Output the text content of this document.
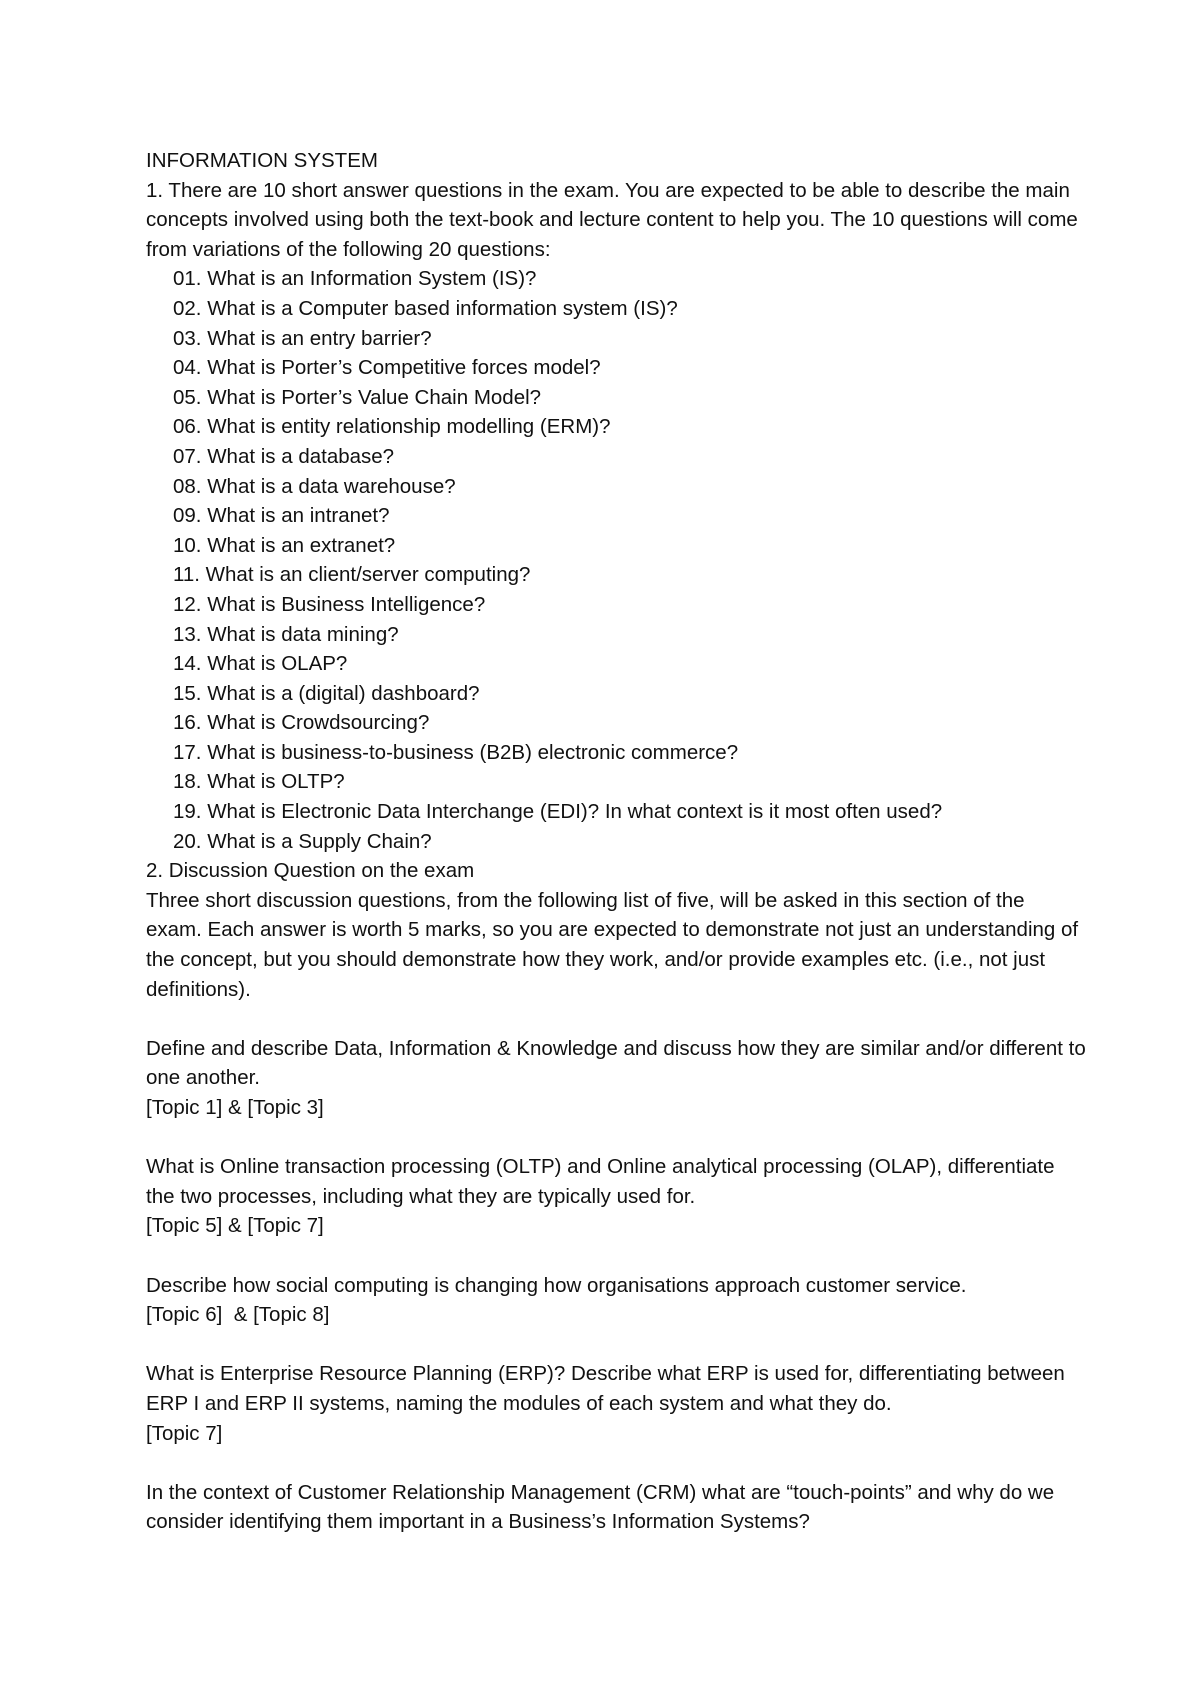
INFORMATION SYSTEM

1. There are 10 short answer questions in the exam. You are expected to be able to describe the main concepts involved using both the text-book and lecture content to help you. The 10 questions will come from variations of the following 20 questions:

01. What is an Information System (IS)?
02. What is a Computer based information system (IS)?
03. What is an entry barrier?
04. What is Porter’s Competitive forces model?
05. What is Porter’s Value Chain Model?
06. What is entity relationship modelling (ERM)?
07. What is a database?
08. What is a data warehouse?
09. What is an intranet?
10. What is an extranet?
11. What is an client/server computing?
12. What is Business Intelligence?
13. What is data mining?
14. What is OLAP?
15. What is a (digital) dashboard?
16. What is Crowdsourcing?
17. What is business-to-business (B2B) electronic commerce?
18. What is OLTP?
19. What is Electronic Data Interchange (EDI)? In what context is it most often used?
20. What is a Supply Chain?
2. Discussion Question on the exam

Three short discussion questions, from the following list of five, will be asked in this section of the exam. Each answer is worth 5 marks, so you are expected to demonstrate not just an understanding of the concept, but you should demonstrate how they work, and/or provide examples etc. (i.e., not just definitions).

Define and describe Data, Information & Knowledge and discuss how they are similar and/or different to one another.

[Topic 1] & [Topic 3]

What is Online transaction processing (OLTP) and Online analytical processing (OLAP), differentiate the two processes, including what they are typically used for.

[Topic 5] & [Topic 7]

Describe how social computing is changing how organisations approach customer service.

[Topic 6]  & [Topic 8]

What is Enterprise Resource Planning (ERP)? Describe what ERP is used for, differentiating between ERP I and ERP II systems, naming the modules of each system and what they do.

[Topic 7]

In the context of Customer Relationship Management (CRM) what are “touch-points” and why do we consider identifying them important in a Business’s Information Systems?
